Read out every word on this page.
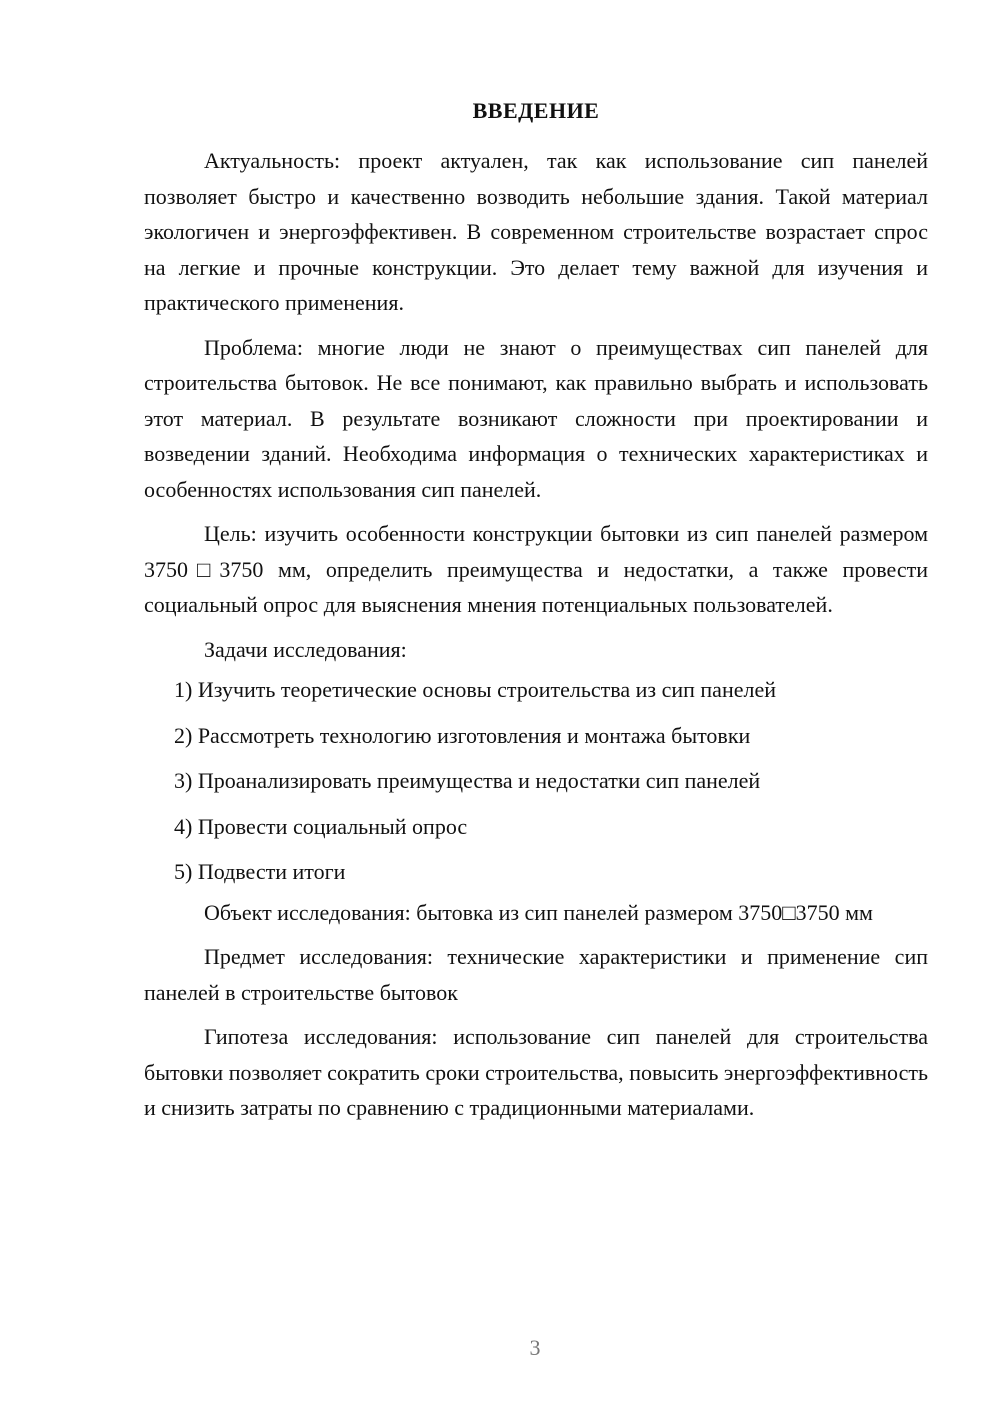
ВВЕДЕНИЕ

Актуальность: проект актуален, так как использование сип панелей позволяет быстро и качественно возводить небольшие здания. Такой материал экологичен и энергоэффективен. В современном строительстве возрастает спрос на легкие и прочные конструкции. Это делает тему важной для изучения и практического применения.

Проблема: многие люди не знают о преимуществах сип панелей для строительства бытовок. Не все понимают, как правильно выбрать и использовать этот материал. В результате возникают сложности при проектировании и возведении зданий. Необходима информация о технических характеристиках и особенностях использования сип панелей.

Цель: изучить особенности конструкции бытовки из сип панелей размером 3750□3750 мм, определить преимущества и недостатки, а также провести социальный опрос для выяснения мнения потенциальных пользователей.

Задачи исследования:

1) Изучить теоретические основы строительства из сип панелей

2) Рассмотреть технологию изготовления и монтажа бытовки

3) Проанализировать преимущества и недостатки сип панелей

4) Провести социальный опрос

5) Подвести итоги

Объект исследования: бытовка из сип панелей размером 3750□3750 мм

Предмет исследования: технические характеристики и применение сип панелей в строительстве бытовок

Гипотеза исследования: использование сип панелей для строительства бытовки позволяет сократить сроки строительства, повысить энергоэффективность и снизить затраты по сравнению с традиционными материалами.

3
